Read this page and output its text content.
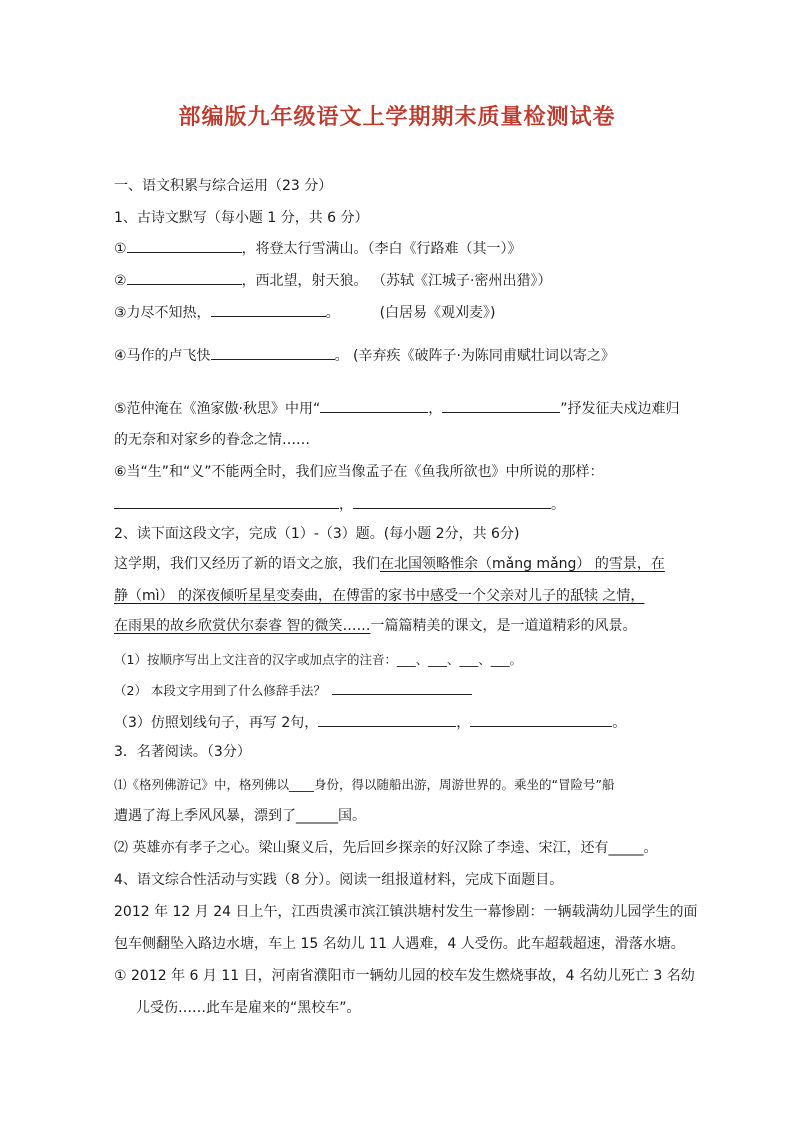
部编版九年级语文上学期期末质量检测试卷
一、语文积累与综合运用（23 分）
1、古诗文默写（每小题 1 分，共 6 分）
①	，将登太行雪满山。（李白《行路难（其一）》
②	，西北望，射天狼。 （苏轼《江城子·密州出猎》）
③力尽不知热，	。	(白居易《观刈麦》)
④马作的卢飞快	。 (辛弃疾《破阵子·为陈同甫赋壮词以寄之》
⑤范仲淹在《渔家傲·秋思》中用“	，	”抒发征夫戍边难归
的无奈和对家乡的眷念之情……
⑥当“生”和“义”不能两全时，我们应当像孟子在《鱼我所欲也》中所说的那样：
，	。
2、读下面这段文字，完成（1）-（3）题。(每小题 2分，共 6分)
这学期，我们又经历了新的语文之旅，我们在北国领略惟余（mǎng mǎng） 的雪景，在
静（mì） 的深夜倾听星星变奏曲，在傅雷的家书中感受一个父亲对儿子的舐犊 之情，
在雨果的故乡欣赏伏尔泰睿 智的微笑……一篇篇精美的课文，是一道道精彩的风景。
（1）按顺序写出上文注音的汉字或加点字的注音：___、___、___、___。
（2） 本段文字用到了什么修辞手法？
（3）仿照划线句子，再写 2句，	，	。
3．名著阅读。（3分）
⑴《格列佛游记》中，格列佛以____身份，得以随船出游，周游世界的。乘坐的“冒险号”船
遭遇了海上季风风暴，漂到了______国。
⑵ 英雄亦有孝子之心。梁山聚义后，先后回乡探亲的好汉除了李逵、宋江，还有_____。
4、语文综合性活动与实践（8 分）。阅读一组报道材料，完成下面题目。
2012 年 12 月 24 日上午，江西贵溪市滨江镇洪塘村发生一幕惨剧：一辆载满幼儿园学生的面
包车侧翻坠入路边水塘，车上 15 名幼儿 11 人遇难，4 人受伤。此车超载超速，滑落水塘。
① 2012 年 6 月 11 日，河南省濮阳市一辆幼儿园的校车发生燃烧事故，4 名幼儿死亡 3 名幼
儿受伤……此车是雇来的“黑校车”。
